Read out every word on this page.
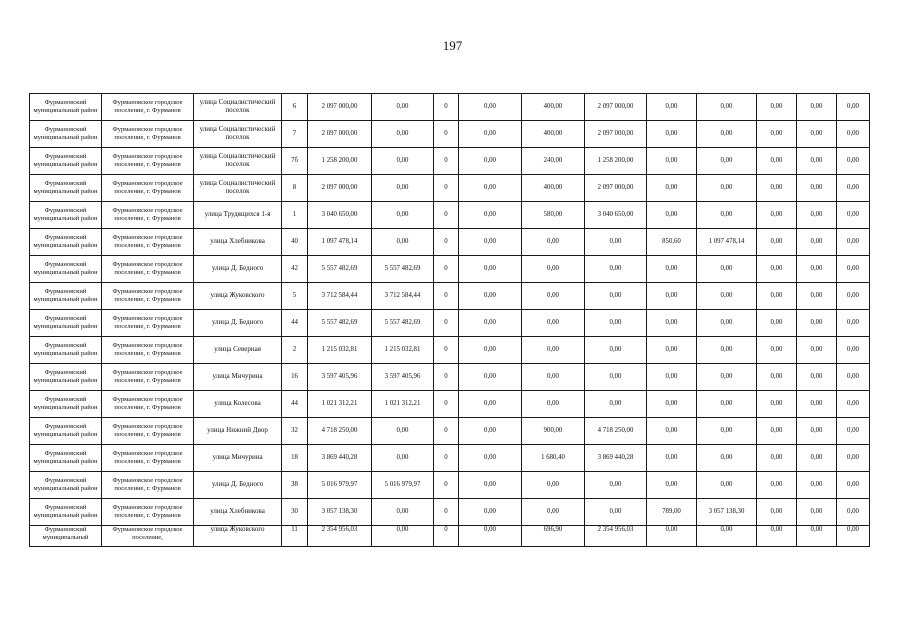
197
Фурмановский муниципальный район	Фурмановское городское поселение, г. Фурманов	улица Социалистический поселок	6	2 097 000,00	0,00	0	0,00	400,00	2 097 000,00	0,00	0,00	0,00	0,00	0,00
Фурмановский муниципальный район	Фурмановское городское поселение, г. Фурманов	улица Социалистический поселок	7	2 097 000,00	0,00	0	0,00	400,00	2 097 000,00	0,00	0,00	0,00	0,00	0,00
Фурмановский муниципальный район	Фурмановское городское поселение, г. Фурманов	улица Социалистический поселок	7б	1 258 200,00	0,00	0	0,00	240,00	1 258 200,00	0,00	0,00	0,00	0,00	0,00
Фурмановский муниципальный район	Фурмановское городское поселение, г. Фурманов	улица Социалистический поселок	8	2 097 000,00	0,00	0	0,00	400,00	2 097 000,00	0,00	0,00	0,00	0,00	0,00
Фурмановский муниципальный район	Фурмановское городское поселение, г. Фурманов	улица Трудящихся 1-я	1	3 040 650,00	0,00	0	0,00	580,00	3 040 650,00	0,00	0,00	0,00	0,00	0,00
Фурмановский муниципальный район	Фурмановское городское поселение, г. Фурманов	улица Хлебникова	40	1 097 478,14	0,00	0	0,00	0,00	0,00	850,60	1 097 478,14	0,00	0,00	0,00
Фурмановский муниципальный район	Фурмановское городское поселение, г. Фурманов	улица Д. Бедного	42	5 557 482,69	5 557 482,69	0	0,00	0,00	0,00	0,00	0,00	0,00	0,00	0,00
Фурмановский муниципальный район	Фурмановское городское поселение, г. Фурманов	улица Жуковского	5	3 712 584,44	3 712 584,44	0	0,00	0,00	0,00	0,00	0,00	0,00	0,00	0,00
Фурмановский муниципальный район	Фурмановское городское поселение, г. Фурманов	улица Д. Бедного	44	5 557 482,69	5 557 482,69	0	0,00	0,00	0,00	0,00	0,00	0,00	0,00	0,00
Фурмановский муниципальный район	Фурмановское городское поселение, г. Фурманов	улица Северная	2	1 215 032,81	1 215 032,81	0	0,00	0,00	0,00	0,00	0,00	0,00	0,00	0,00
Фурмановский муниципальный район	Фурмановское городское поселение, г. Фурманов	улица Мичурина	16	3 597 405,96	3 597 405,96	0	0,00	0,00	0,00	0,00	0,00	0,00	0,00	0,00
Фурмановский муниципальный район	Фурмановское городское поселение, г. Фурманов	улица Колесова	44	1 021 312,21	1 021 312,21	0	0,00	0,00	0,00	0,00	0,00	0,00	0,00	0,00
Фурмановский муниципальный район	Фурмановское городское поселение, г. Фурманов	улица Нижний Двор	32	4 718 250,00	0,00	0	0,00	900,00	4 718 250,00	0,00	0,00	0,00	0,00	0,00
Фурмановский муниципальный район	Фурмановское городское поселение, г. Фурманов	улица Мичурина	18	3 869 440,28	0,00	0	0,00	1 680,40	3 869 440,28	0,00	0,00	0,00	0,00	0,00
Фурмановский муниципальный район	Фурмановское городское поселение, г. Фурманов	улица Д. Бедного	38	5 016 979,97	5 016 979,97	0	0,00	0,00	0,00	0,00	0,00	0,00	0,00	0,00
Фурмановский муниципальный район	Фурмановское городское поселение, г. Фурманов	улица Хлебникова	30	3 057 138,30	0,00	0	0,00	0,00	0,00	789,00	3 057 138,30	0,00	0,00	0,00
Фурмановский муниципальный	Фурмановское городское поселение,	улица Жуковского	11	2 354 956,03	0,00	0	0,00	696,90	2 354 956,03	0,00	0,00	0,00	0,00	0,00
